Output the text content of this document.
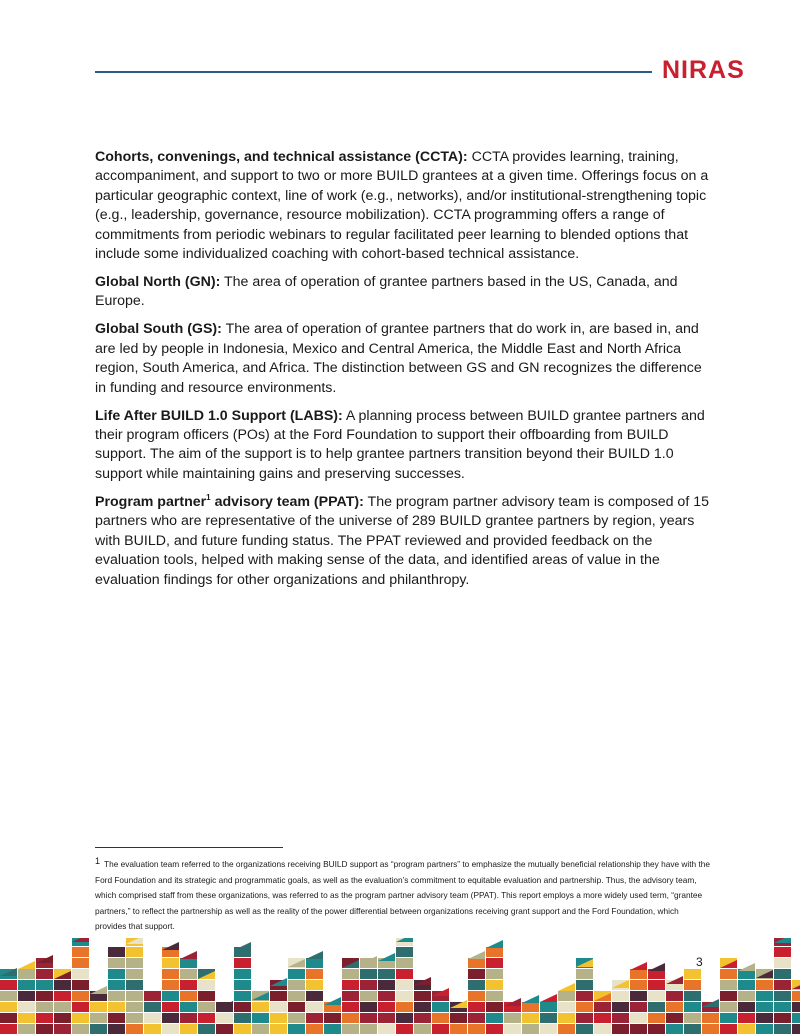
NIRAS

Cohorts, convenings, and technical assistance (CCTA): CCTA provides learning, training, accompaniment, and support to two or more BUILD grantees at a given time. Offerings focus on a particular geographic context, line of work (e.g., networks), and/or institutional-strengthening topic (e.g., leadership, governance, resource mobilization). CCTA programming offers a range of commitments from periodic webinars to regular facilitated peer learning to blended options that include some individualized coaching with cohort-based technical assistance.

Global North (GN): The area of operation of grantee partners based in the US, Canada, and Europe.

Global South (GS): The area of operation of grantee partners that do work in, are based in, and are led by people in Indonesia, Mexico and Central America, the Middle East and North Africa region, South America, and Africa. The distinction between GS and GN recognizes the difference in funding and resource environments.

Life After BUILD 1.0 Support (LABS): A planning process between BUILD grantee partners and their program officers (POs) at the Ford Foundation to support their offboarding from BUILD support. The aim of the support is to help grantee partners transition beyond their BUILD 1.0 support while maintaining gains and preserving successes.

Program partner$^1$ advisory team (PPAT): The program partner advisory team is composed of 15 partners who are representative of the universe of 289 BUILD grantee partners by region, years with BUILD, and future funding status. The PPAT reviewed and provided feedback on the evaluation tools, helped with making sense of the data, and identified areas of value in the evaluation findings for other organizations and philanthropy.

$^1$ The evaluation team referred to the organizations receiving BUILD support as “program partners” to emphasize the mutually beneficial relationship they have with the Ford Foundation and its strategic and programmatic goals, as well as the evaluation’s commitment to equitable evaluation and partnership. Thus, the advisory team, which comprised staff from these organizations, was referred to as the program partner advisory team (PPAT). This report employs a more widely used term, “grantee partners,” to reflect the partnership as well as the reality of the power differential between organizations receiving grant support and the Ford Foundation, which provides that support.
3
